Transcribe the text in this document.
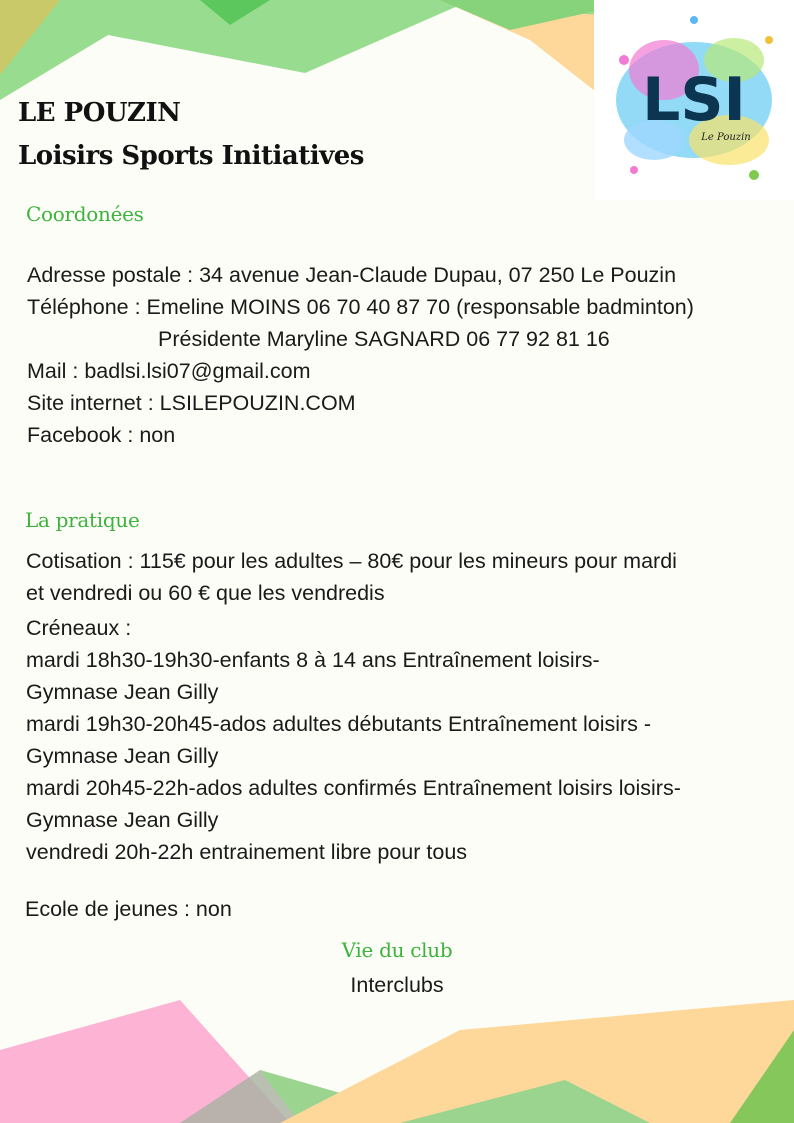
LSI
Le Pouzin
LE POUZIN
Loisirs Sports Initiatives
Coordonées
Adresse postale : 34 avenue Jean-Claude Dupau, 07 250 Le Pouzin
Téléphone : Emeline MOINS 06 70 40 87 70 (responsable badminton)
Présidente Maryline SAGNARD 06 77 92 81 16
Mail : badlsi.lsi07@gmail.com
Site internet : LSILEPOUZIN.COM
Facebook : non
La pratique
Cotisation : 115€ pour les adultes – 80€ pour les mineurs pour mardi
et vendredi ou 60 € que les vendredis
Créneaux :
mardi 18h30-19h30-enfants 8 à 14 ans Entraînement loisirs-
Gymnase Jean Gilly
mardi 19h30-20h45-ados adultes débutants Entraînement loisirs -
Gymnase Jean Gilly
mardi 20h45-22h-ados adultes confirmés Entraînement loisirs loisirs-
Gymnase Jean Gilly
vendredi 20h-22h entrainement libre pour tous
Ecole de jeunes : non
Vie du club
Interclubs
